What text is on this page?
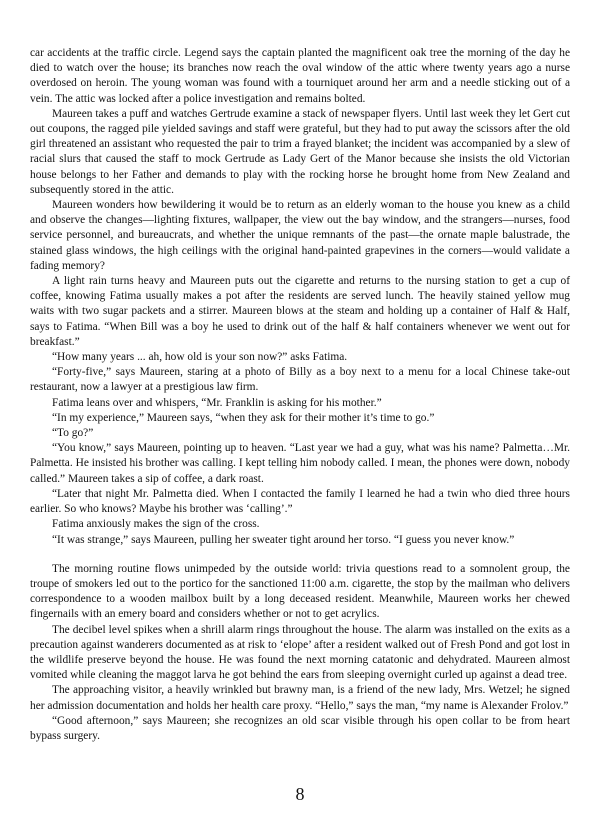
car accidents at the traffic circle. Legend says the captain planted the magnificent oak tree the morning of the day he died to watch over the house; its branches now reach the oval window of the attic where twenty years ago a nurse overdosed on heroin. The young woman was found with a tourniquet around her arm and a needle sticking out of a vein. The attic was locked after a police investigation and remains bolted.

Maureen takes a puff and watches Gertrude examine a stack of newspaper flyers. Until last week they let Gert cut out coupons, the ragged pile yielded savings and staff were grateful, but they had to put away the scissors after the old girl threatened an assistant who requested the pair to trim a frayed blanket; the incident was accompanied by a slew of racial slurs that caused the staff to mock Gertrude as Lady Gert of the Manor because she insists the old Victorian house belongs to her Father and demands to play with the rocking horse he brought home from New Zealand and subsequently stored in the attic.

Maureen wonders how bewildering it would be to return as an elderly woman to the house you knew as a child and observe the changes—lighting fixtures, wallpaper, the view out the bay window, and the strangers—nurses, food service personnel, and bureaucrats, and whether the unique remnants of the past—the ornate maple balustrade, the stained glass windows, the high ceilings with the original hand-painted grapevines in the corners—would validate a fading memory?

A light rain turns heavy and Maureen puts out the cigarette and returns to the nursing station to get a cup of coffee, knowing Fatima usually makes a pot after the residents are served lunch. The heavily stained yellow mug waits with two sugar packets and a stirrer. Maureen blows at the steam and holding up a container of Half & Half, says to Fatima. “When Bill was a boy he used to drink out of the half & half containers whenever we went out for breakfast.”

“How many years ... ah, how old is your son now?” asks Fatima.

“Forty-five,” says Maureen, staring at a photo of Billy as a boy next to a menu for a local Chinese take-out restaurant, now a lawyer at a prestigious law firm.

Fatima leans over and whispers, “Mr. Franklin is asking for his mother.”

“In my experience,” Maureen says, “when they ask for their mother it’s time to go.”

“To go?”

“You know,” says Maureen, pointing up to heaven. “Last year we had a guy, what was his name? Palmetta…Mr. Palmetta. He insisted his brother was calling. I kept telling him nobody called. I mean, the phones were down, nobody called.” Maureen takes a sip of coffee, a dark roast.

“Later that night Mr. Palmetta died. When I contacted the family I learned he had a twin who died three hours earlier. So who knows? Maybe his brother was ‘calling’.”

Fatima anxiously makes the sign of the cross.

“It was strange,” says Maureen, pulling her sweater tight around her torso. “I guess you never know.”

The morning routine flows unimpeded by the outside world: trivia questions read to a somnolent group, the troupe of smokers led out to the portico for the sanctioned 11:00 a.m. cigarette, the stop by the mailman who delivers correspondence to a wooden mailbox built by a long deceased resident. Meanwhile, Maureen works her chewed fingernails with an emery board and considers whether or not to get acrylics.

The decibel level spikes when a shrill alarm rings throughout the house. The alarm was installed on the exits as a precaution against wanderers documented as at risk to ‘elope’ after a resident walked out of Fresh Pond and got lost in the wildlife preserve beyond the house. He was found the next morning catatonic and dehydrated. Maureen almost vomited while cleaning the maggot larva he got behind the ears from sleeping overnight curled up against a dead tree.

The approaching visitor, a heavily wrinkled but brawny man, is a friend of the new lady, Mrs. Wetzel; he signed her admission documentation and holds her health care proxy. “Hello,” says the man, “my name is Alexander Frolov.”

“Good afternoon,” says Maureen; she recognizes an old scar visible through his open collar to be from heart bypass surgery.

8
